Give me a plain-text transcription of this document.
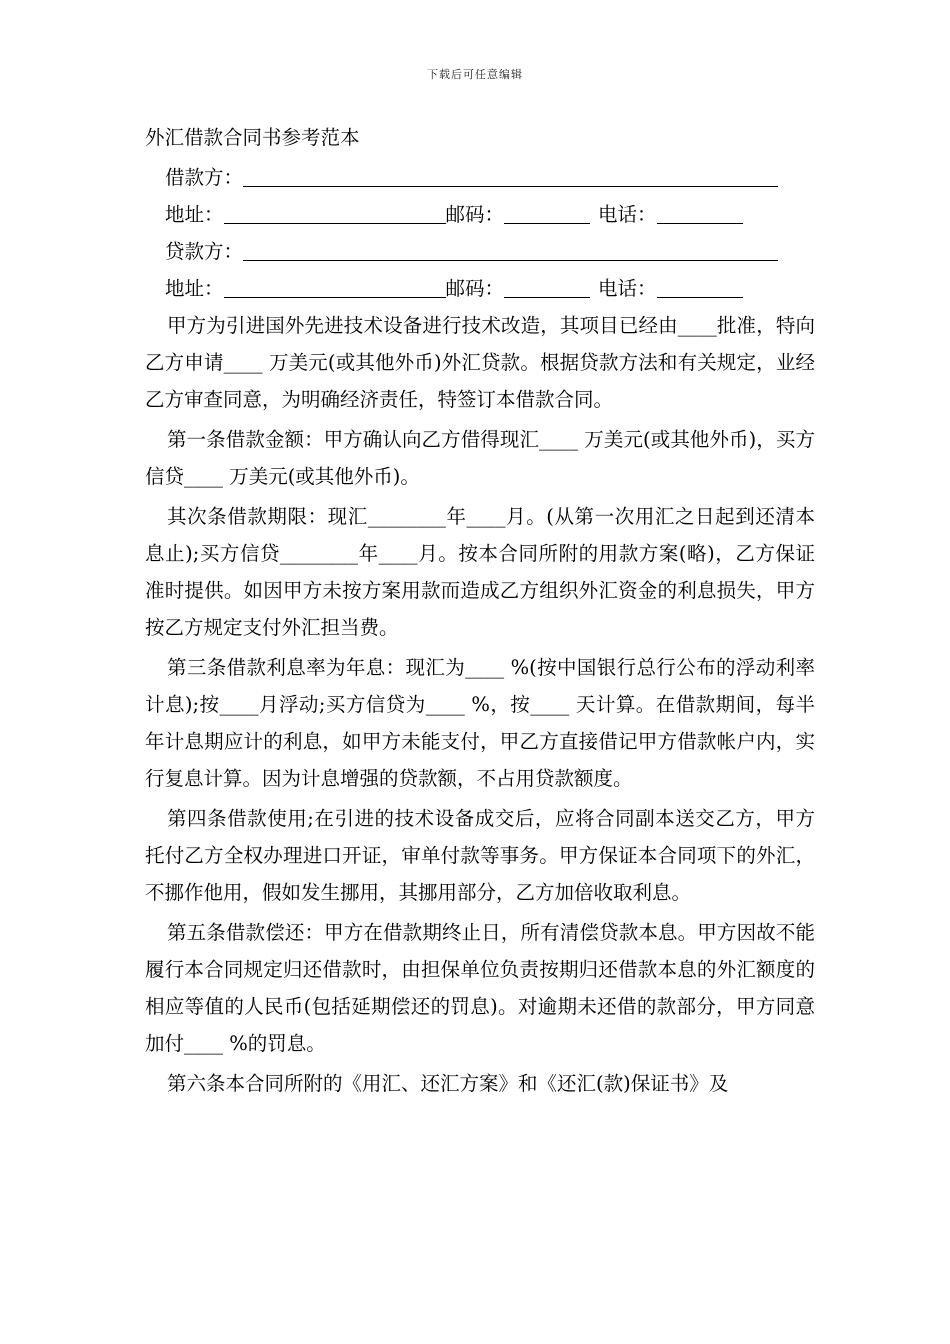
下载后可任意编辑
外汇借款合同书参考范本
借款方：
地址：	邮码：	电话：
贷款方：
地址：	邮码：	电话：

甲方为引进国外先进技术设备进行技术改造，其项目已经由____批准，特向乙方申请____ 万美元(或其他外币)外汇贷款。根据贷款方法和有关规定，业经乙方审查同意，为明确经济责任，特签订本借款合同。

第一条借款金额：甲方确认向乙方借得现汇____ 万美元(或其他外币)，买方信贷____ 万美元(或其他外币)。

其次条借款期限：现汇________年____月。(从第一次用汇之日起到还清本息止);买方信贷________年____月。按本合同所附的用款方案(略)，乙方保证准时提供。如因甲方未按方案用款而造成乙方组织外汇资金的利息损失，甲方按乙方规定支付外汇担当费。

第三条借款利息率为年息：现汇为____ %(按中国银行总行公布的浮动利率计息);按____月浮动;买方信贷为____ %，按____ 天计算。在借款期间，每半年计息期应计的利息，如甲方未能支付，甲乙方直接借记甲方借款帐户内，实行复息计算。因为计息增强的贷款额，不占用贷款额度。

第四条借款使用;在引进的技术设备成交后，应将合同副本送交乙方，甲方托付乙方全权办理进口开证，审单付款等事务。甲方保证本合同项下的外汇，不挪作他用，假如发生挪用，其挪用部分，乙方加倍收取利息。

第五条借款偿还：甲方在借款期终止日，所有清偿贷款本息。甲方因故不能履行本合同规定归还借款时，由担保单位负责按期归还借款本息的外汇额度的相应等值的人民币(包括延期偿还的罚息)。对逾期未还借的款部分，甲方同意加付____ %的罚息。

第六条本合同所附的《用汇、还汇方案》和《还汇(款)保证书》及
